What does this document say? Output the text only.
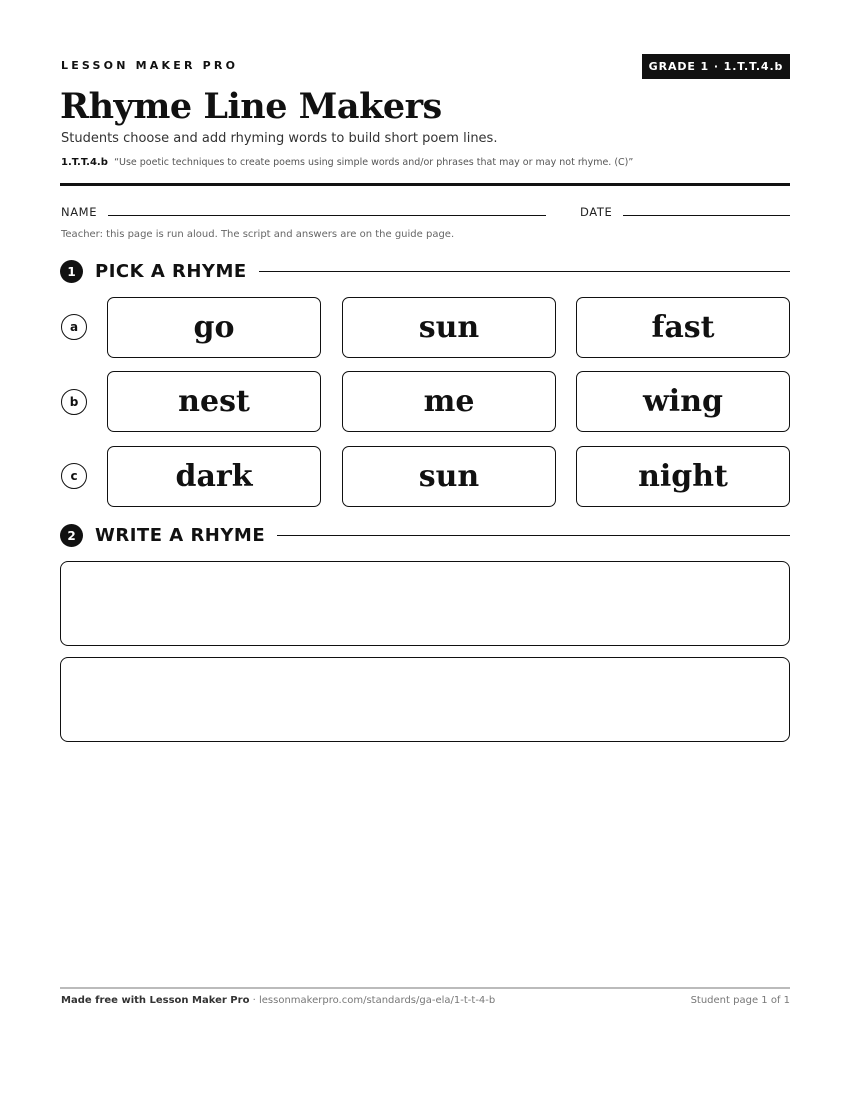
LESSON MAKER PRO	GRADE 1 · 1.T.T.4.b
Rhyme Line Makers
Students choose and add rhyming words to build short poem lines.
1.T.T.4.b “Use poetic techniques to create poems using simple words and/or phrases that may or may not rhyme. (C)”
NAME	DATE
Teacher: this page is run aloud. The script and answers are on the guide page.
1	PICK A RHYME
a	go	sun	fast
b	nest	me	wing
c	dark	sun	night
2	WRITE A RHYME
Made free with Lesson Maker Pro · lessonmakerpro.com/standards/ga-ela/1-t-t-4-b	Student page 1 of 1
